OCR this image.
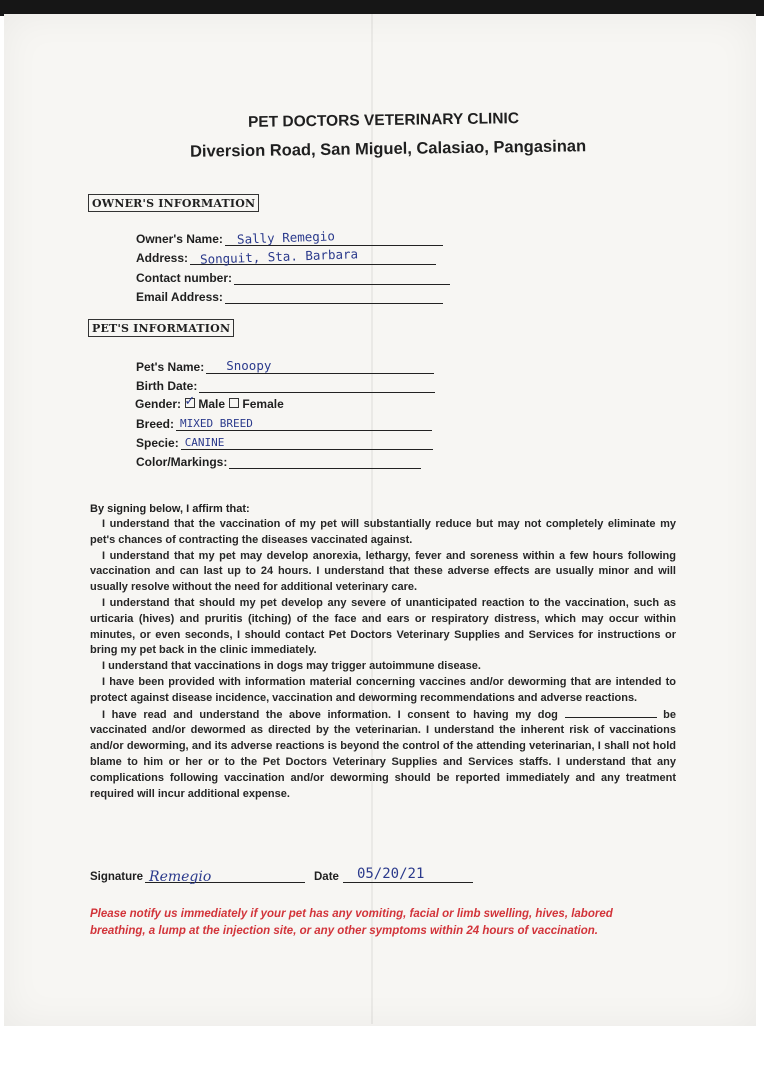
PET DOCTORS VETERINARY CLINIC
Diversion Road, San Miguel, Calasiao, Pangasinan
OWNER'S INFORMATION
Owner's Name: Sally Remegio
Address: Songuit, Sta. Barbara
Contact number:
Email Address:
PET'S INFORMATION
Pet's Name: Snoopy
Birth Date:
Gender: ✓ Male Female
Breed: MIXED BREED
Specie: CANINE
Color/Markings:
By signing below, I affirm that:

I understand that the vaccination of my pet will substantially reduce but may not completely eliminate my pet's chances of contracting the diseases vaccinated against.

I understand that my pet may develop anorexia, lethargy, fever and soreness within a few hours following vaccination and can last up to 24 hours. I understand that these adverse effects are usually minor and will usually resolve without the need for additional veterinary care.

I understand that should my pet develop any severe of unanticipated reaction to the vaccination, such as urticaria (hives) and pruritis (itching) of the face and ears or respiratory distress, which may occur within minutes, or even seconds, I should contact Pet Doctors Veterinary Supplies and Services for instructions or bring my pet back in the clinic immediately.

I understand that vaccinations in dogs may trigger autoimmune disease.

I have been provided with information material concerning vaccines and/or deworming that are intended to protect against disease incidence, vaccination and deworming recommendations and adverse reactions.

I have read and understand the above information. I consent to having my dog	be vaccinated and/or dewormed as directed by the veterinarian. I understand the inherent risk of vaccinations and/or deworming, and its adverse reactions is beyond the control of the attending veterinarian, I shall not hold blame to him or her or to the Pet Doctors Veterinary Supplies and Services staffs. I understand that any complications following vaccination and/or deworming should be reported immediately and any treatment required will incur additional expense.

Signature Remegio	Date 05/20/21
Please notify us immediately if your pet has any vomiting, facial or limb swelling, hives, labored breathing, a lump at the injection site, or any other symptoms within 24 hours of vaccination.
